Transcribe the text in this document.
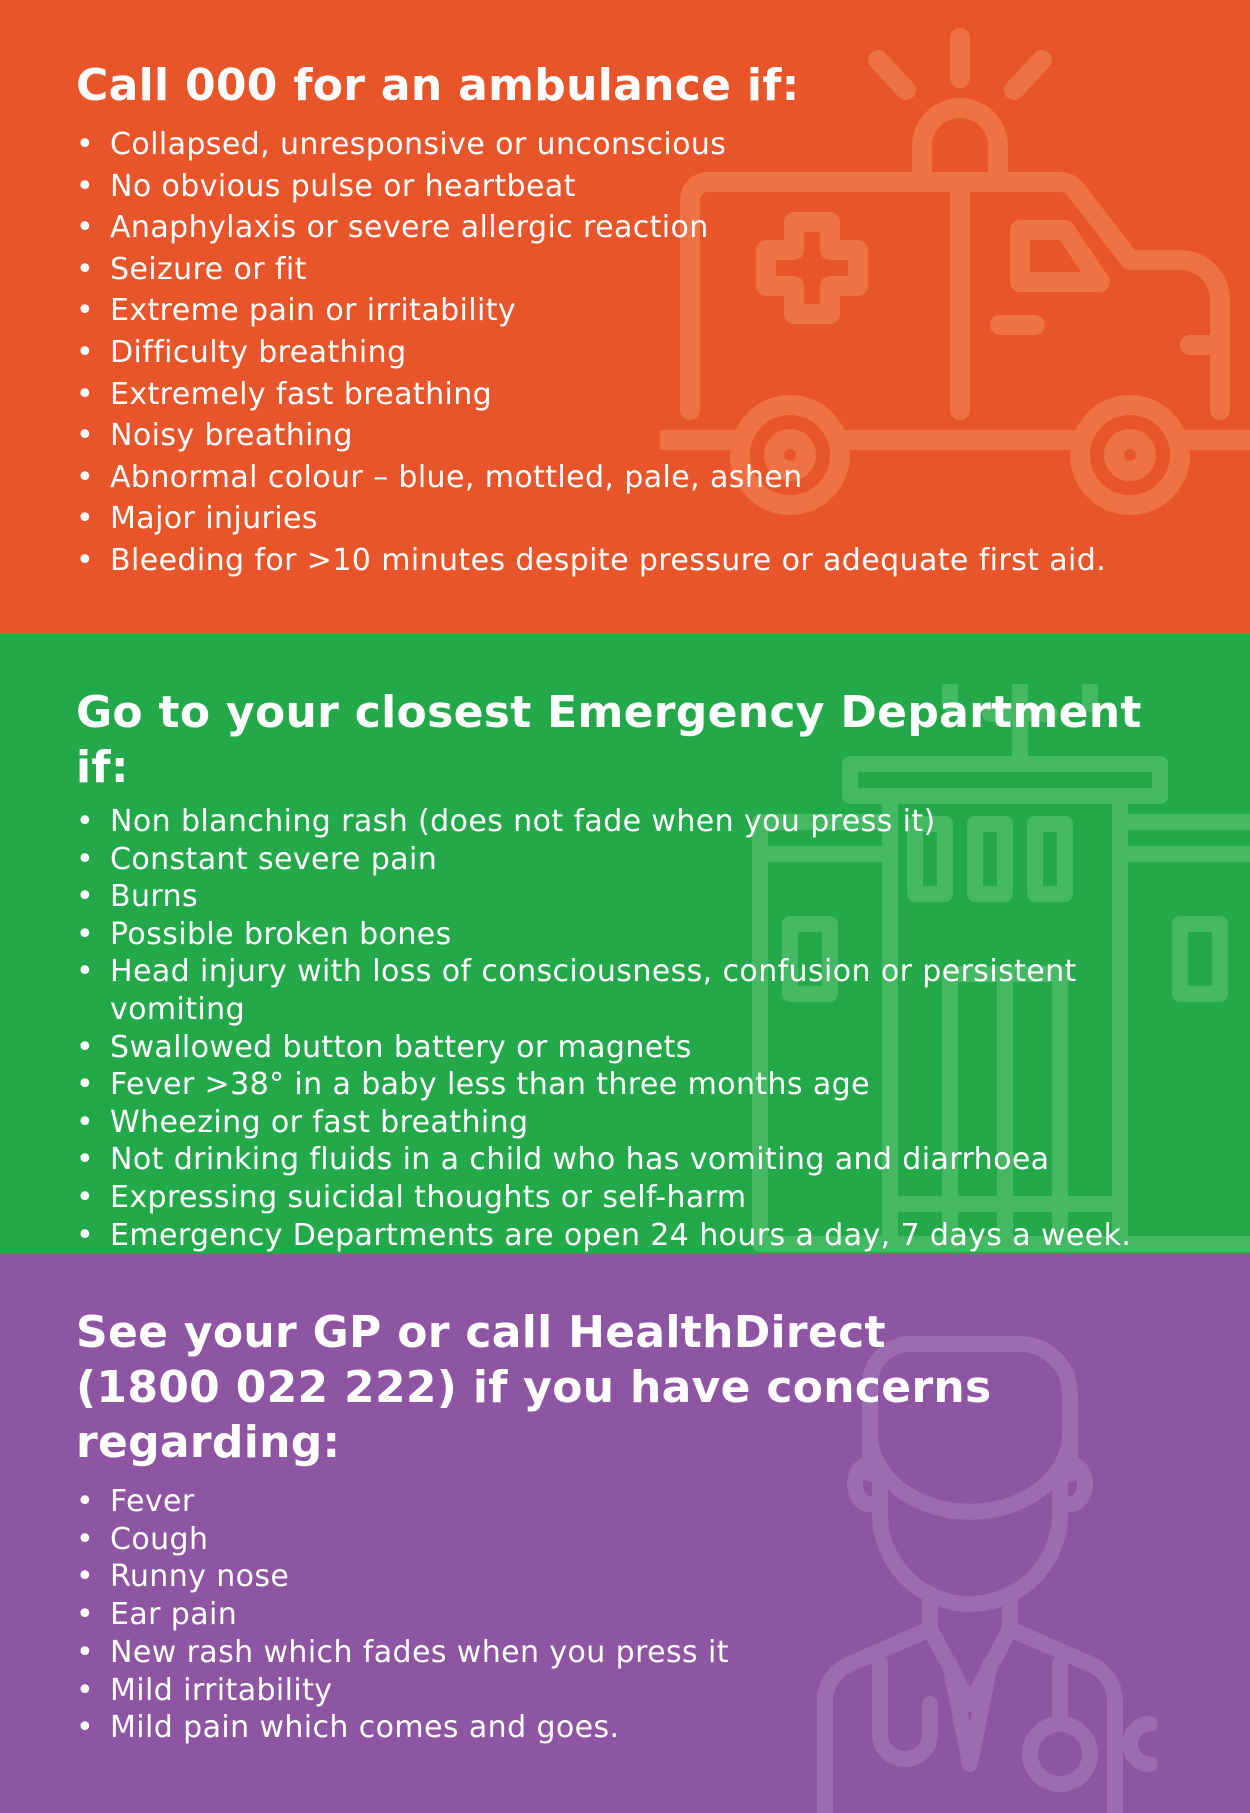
Call 000 for an ambulance if:
• Collapsed, unresponsive or unconscious
• No obvious pulse or heartbeat
• Anaphylaxis or severe allergic reaction
• Seizure or fit
• Extreme pain or irritability
• Difficulty breathing
• Extremely fast breathing
• Noisy breathing
• Abnormal colour – blue, mottled, pale, ashen
• Major injuries
• Bleeding for >10 minutes despite pressure or adequate first aid.
Go to your closest Emergency Department if:
• Non blanching rash (does not fade when you press it)
• Constant severe pain
• Burns
• Possible broken bones
• Head injury with loss of consciousness, confusion or persistent vomiting
• Swallowed button battery or magnets
• Fever >38° in a baby less than three months age
• Wheezing or fast breathing
• Not drinking fluids in a child who has vomiting and diarrhoea
• Expressing suicidal thoughts or self-harm
• Emergency Departments are open 24 hours a day, 7 days a week.
See your GP or call HealthDirect (1800 022 222) if you have concerns regarding:
• Fever
• Cough
• Runny nose
• Ear pain
• New rash which fades when you press it
• Mild irritability
• Mild pain which comes and goes.
